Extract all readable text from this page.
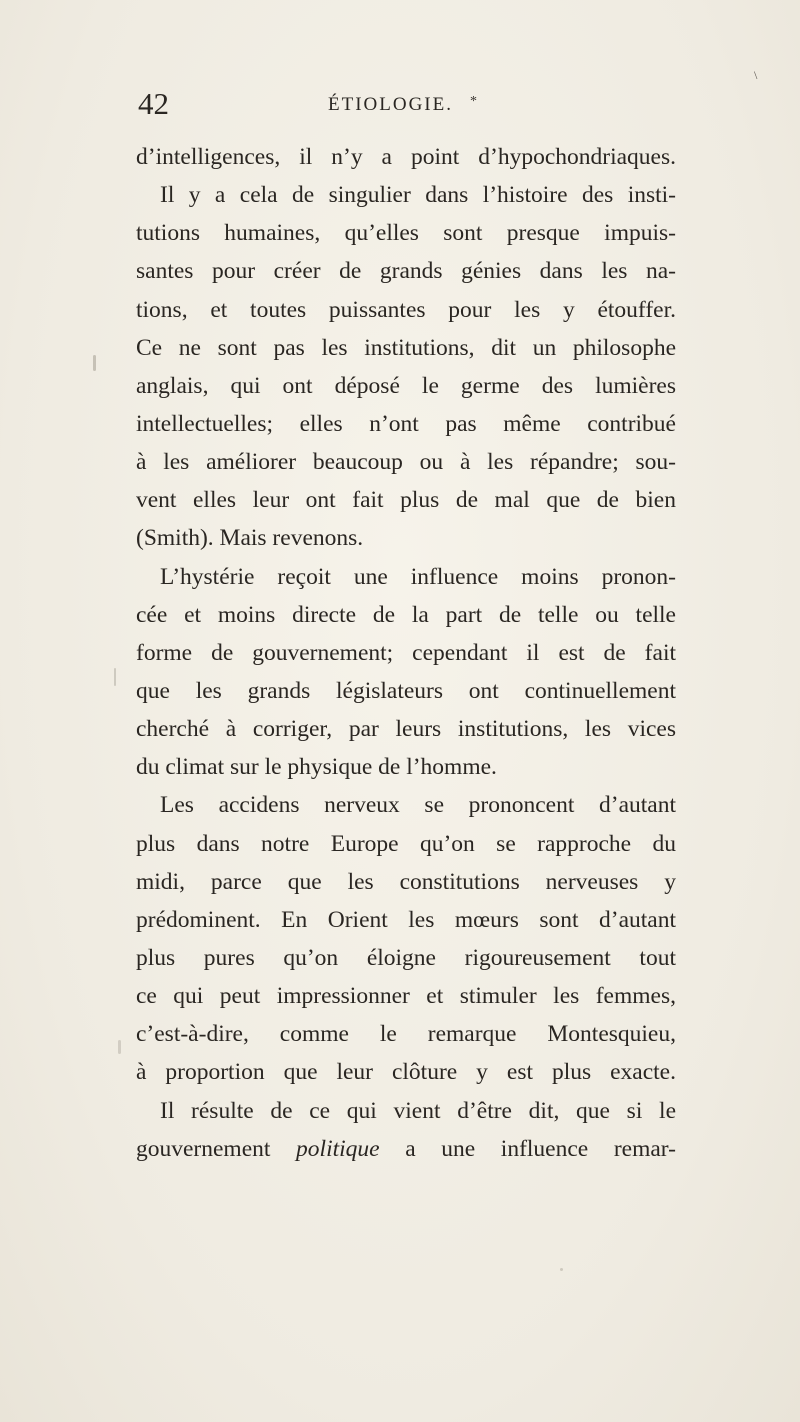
\
42	ÉTIOLOGIE. *
d’intelligences, il n’y a point d’hypochondriaques.
Il y a cela de singulier dans l’histoire des insti-
tutions humaines, qu’elles sont presque impuis-
santes pour créer de grands génies dans les na-
tions, et toutes puissantes pour les y étouffer.
Ce ne sont pas les institutions, dit un philosophe
anglais, qui ont déposé le germe des lumières
intellectuelles; elles n’ont pas même contribué
à les améliorer beaucoup ou à les répandre; sou-
vent elles leur ont fait plus de mal que de bien
(Smith). Mais revenons.
L’hystérie reçoit une influence moins pronon-
cée et moins directe de la part de telle ou telle
forme de gouvernement; cependant il est de fait
que les grands législateurs ont continuellement
cherché à corriger, par leurs institutions, les vices
du climat sur le physique de l’homme.
Les accidens nerveux se prononcent d’autant
plus dans notre Europe qu’on se rapproche du
midi, parce que les constitutions nerveuses y
prédominent. En Orient les mœurs sont d’autant
plus pures qu’on éloigne rigoureusement tout
ce qui peut impressionner et stimuler les femmes,
c’est-à-dire, comme le remarque Montesquieu,
à proportion que leur clôture y est plus exacte.
Il résulte de ce qui vient d’être dit, que si le
gouvernement politique a une influence remar-
